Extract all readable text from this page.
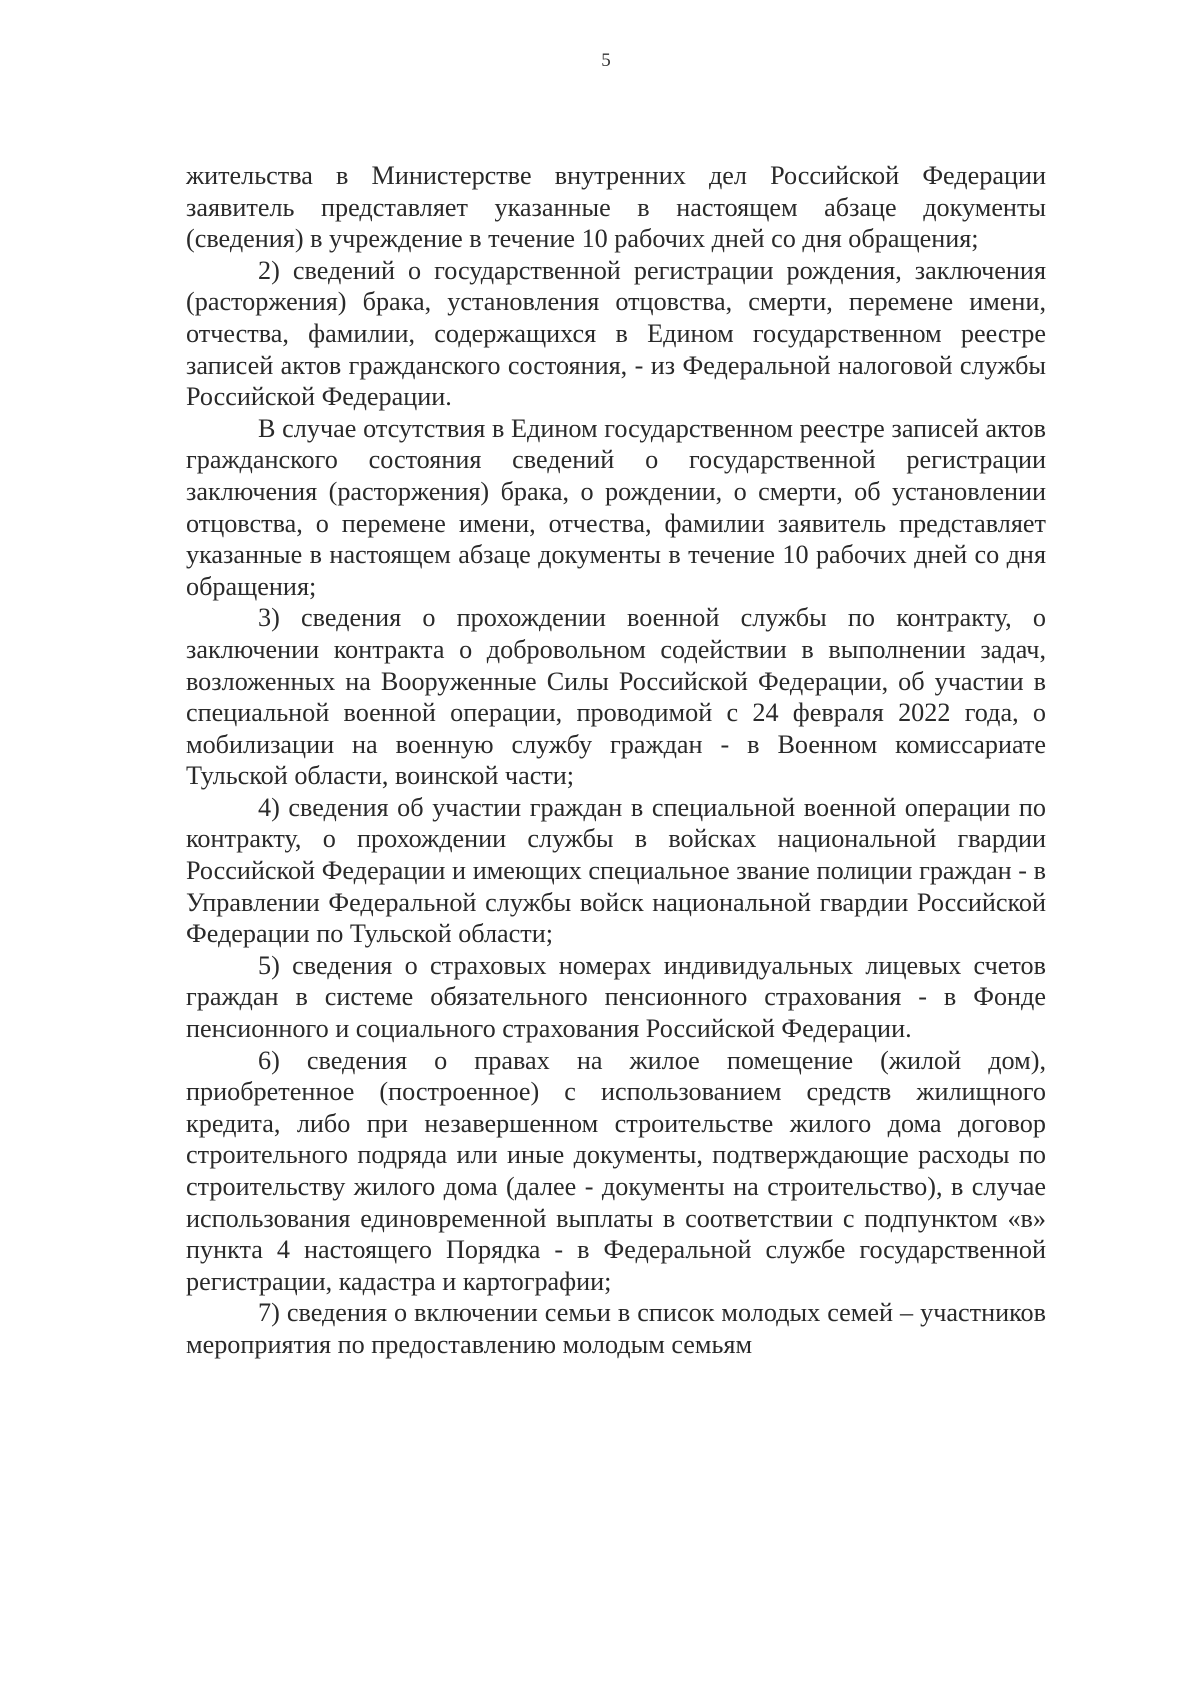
5

жительства в Министерстве внутренних дел Российской Федерации заявитель представляет указанные в настоящем абзаце документы (сведения) в учреждение в течение 10 рабочих дней со дня обращения;

2) сведений о государственной регистрации рождения, заключения (расторжения) брака, установления отцовства, смерти, перемене имени, отчества, фамилии, содержащихся в Едином государственном реестре записей актов гражданского состояния, - из Федеральной налоговой службы Российской Федерации.

В случае отсутствия в Едином государственном реестре записей актов гражданского состояния сведений о государственной регистрации заключения (расторжения) брака, о рождении, о смерти, об установлении отцовства, о перемене имени, отчества, фамилии заявитель представляет указанные в настоящем абзаце документы в течение 10 рабочих дней со дня обращения;

3) сведения о прохождении военной службы по контракту, о заключении контракта о добровольном содействии в выполнении задач, возложенных на Вооруженные Силы Российской Федерации, об участии в специальной военной операции, проводимой с 24 февраля 2022 года, о мобилизации на военную службу граждан - в Военном комиссариате Тульской области, воинской части;

4) сведения об участии граждан в специальной военной операции по контракту, о прохождении службы в войсках национальной гвардии Российской Федерации и имеющих специальное звание полиции граждан - в Управлении Федеральной службы войск национальной гвардии Российской Федерации по Тульской области;

5) сведения о страховых номерах индивидуальных лицевых счетов граждан в системе обязательного пенсионного страхования - в Фонде пенсионного и социального страхования Российской Федерации.

6) сведения о правах на жилое помещение (жилой дом), приобретенное (построенное) с использованием средств жилищного кредита, либо при незавершенном строительстве жилого дома договор строительного подряда или иные документы, подтверждающие расходы по строительству жилого дома (далее - документы на строительство), в случае использования единовременной выплаты в соответствии с подпунктом «в» пункта 4 настоящего Порядка - в Федеральной службе государственной регистрации, кадастра и картографии;

7) сведения о включении семьи в список молодых семей – участников мероприятия по предоставлению молодым семьям
